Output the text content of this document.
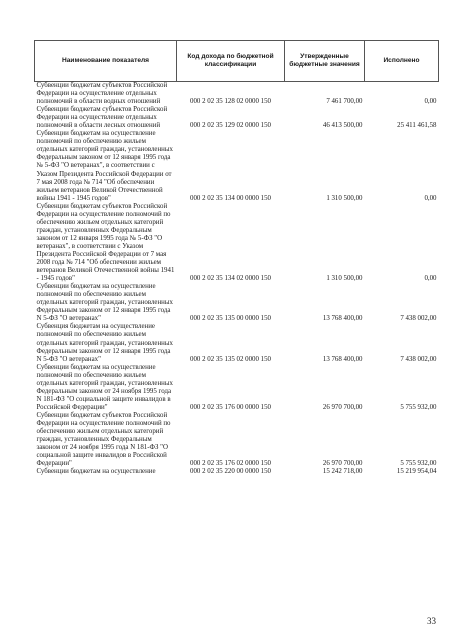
Наименование показателя	Код дохода по бюджетной классификации	Утвержденные бюджетные значения	Исполнено
Субвенции бюджетам субъектов Российской Федерации на осуществление отдельных полномочий в области водных отношений	000 2 02 35 128 02 0000 150	7 461 700,00	0,00
Субвенции бюджетам субъектов Российской Федерации на осуществление отдельных полномочий в области лесных отношений	000 2 02 35 129 02 0000 150	46 413 500,00	25 411 461,58
Субвенции бюджетам на осуществление полномочий по обеспечению жильем отдельных категорий граждан, установленных Федеральным законом от 12 января 1995 года № 5-ФЗ "О ветеранах", в соответствии с Указом Президента Российской Федерации от 7 мая 2008 года № 714 "Об обеспечении жильем ветеранов Великой Отечественной войны 1941 - 1945 годов"	000 2 02 35 134 00 0000 150	1 310 500,00	0,00
Субвенции бюджетам субъектов Российской Федерации на осуществление полномочий по обеспечению жильем отдельных категорий граждан, установленных Федеральным законом от 12 января 1995 года № 5-ФЗ "О ветеранах", в соответствии с Указом Президента Российской Федерации от 7 мая 2008 года № 714 "Об обеспечении жильем ветеранов Великой Отечественной войны 1941 - 1945 годов"	000 2 02 35 134 02 0000 150	1 310 500,00	0,00
Субвенции бюджетам на осуществление полномочий по обеспечению жильем отдельных категорий граждан, установленных Федеральным законом от 12 января 1995 года N 5-ФЗ "О ветеранах"	000 2 02 35 135 00 0000 150	13 768 400,00	7 438 002,00
Субвенция бюджетам на осуществление полномочий по обеспечению жильем отдельных категорий граждан, установленных Федеральным законом от 12 января 1995 года N 5-ФЗ "О ветеранах"	000 2 02 35 135 02 0000 150	13 768 400,00	7 438 002,00
Субвенции бюджетам на осуществление полномочий по обеспечению жильем отдельных категорий граждан, установленных Федеральным законом от 24 ноября 1995 года N 181-ФЗ "О социальной защите инвалидов в Российской Федерации"	000 2 02 35 176 00 0000 150	26 970 700,00	5 755 932,00
Субвенции бюджетам субъектов Российской Федерации на осуществление полномочий по обеспечению жильем отдельных категорий граждан, установленных Федеральным законом от 24 ноября 1995 года N 181-ФЗ "О социальной защите инвалидов в Российской Федерации"	000 2 02 35 176 02 0000 150	26 970 700,00	5 755 932,00
Субвенции бюджетам на осуществление	000 2 02 35 220 00 0000 150	15 242 718,00	15 219 954,04
33
